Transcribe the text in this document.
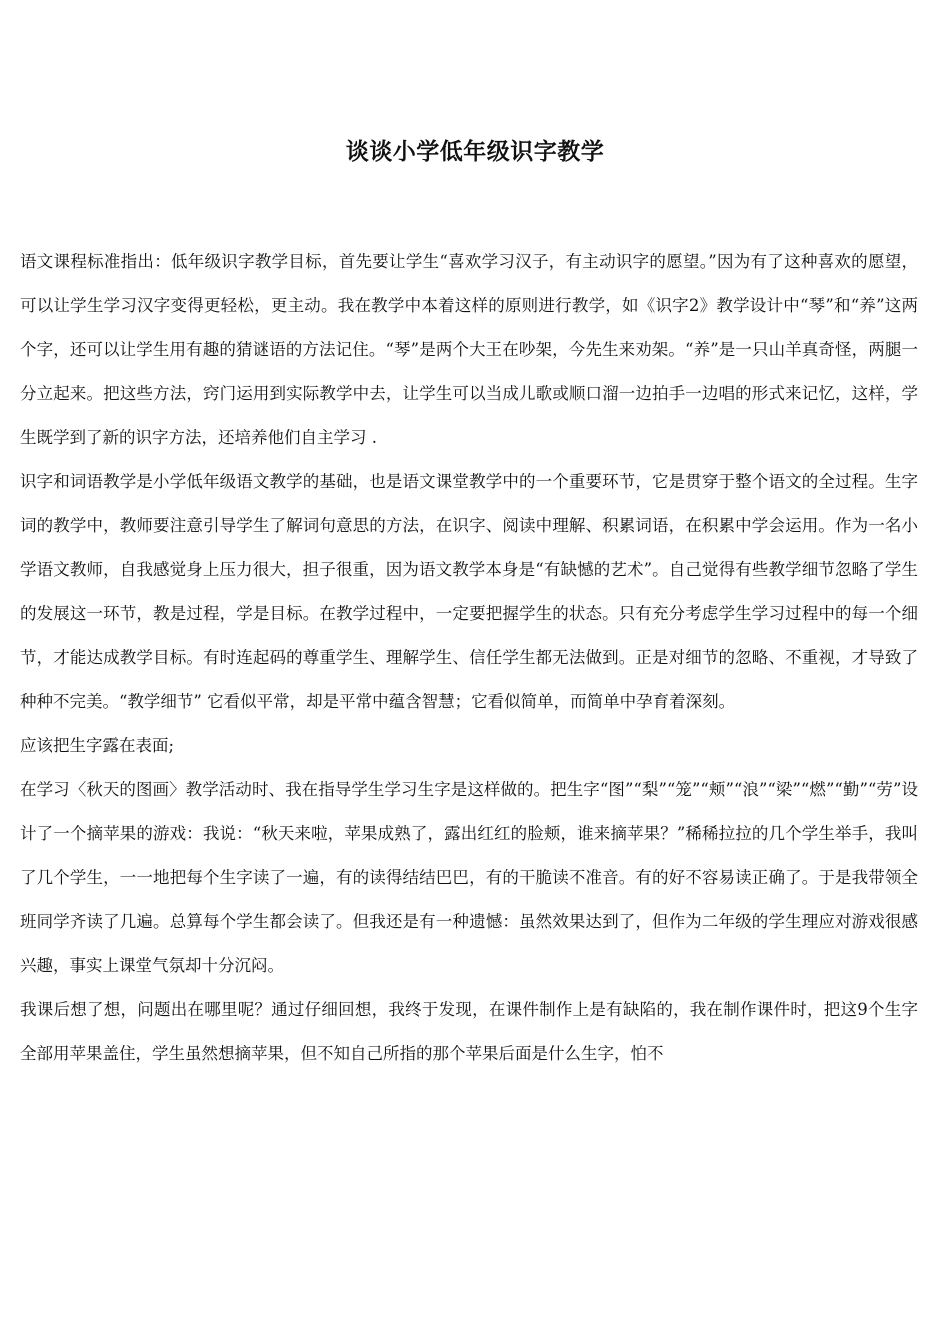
谈谈小学低年级识字教学

语文课程标准指出：低年级识字教学目标，首先要让学生“喜欢学习汉子，有主动识字的愿望。”因为有了这种喜欢的愿望，可以让学生学习汉字变得更轻松，更主动。我在教学中本着这样的原则进行教学，如《识字2》教学设计中“琴”和“养”这两个字，还可以让学生用有趣的猜谜语的方法记住。“琴”是两个大王在吵架，今先生来劝架。“养”是一只山羊真奇怪，两腿一分立起来。把这些方法，窍门运用到实际教学中去，让学生可以当成儿歌或顺口溜一边拍手一边唱的形式来记忆，这样，学生既学到了新的识字方法，还培养他们自主学习 .

识字和词语教学是小学低年级语文教学的基础，也是语文课堂教学中的一个重要环节，它是贯穿于整个语文的全过程。生字词的教学中，教师要注意引导学生了解词句意思的方法，在识字、阅读中理解、积累词语，在积累中学会运用。作为一名小学语文教师，自我感觉身上压力很大，担子很重，因为语文教学本身是“有缺憾的艺术”。自己觉得有些教学细节忽略了学生的发展这一环节，教是过程，学是目标。在教学过程中，一定要把握学生的状态。只有充分考虑学生学习过程中的每一个细节，才能达成教学目标。有时连起码的尊重学生、理解学生、信任学生都无法做到。正是对细节的忽略、不重视，才导致了种种不完美。“教学细节” 它看似平常，却是平常中蕴含智慧；它看似简单，而简单中孕育着深刻。

应该把生字露在表面;

在学习〈秋天的图画〉教学活动时、我在指导学生学习生字是这样做的。把生字“图”“梨”“笼”“颊”“浪”“梁”“燃”“勤”“劳”设计了一个摘苹果的游戏：我说：“秋天来啦，苹果成熟了，露出红红的脸颊，谁来摘苹果？”稀稀拉拉的几个学生举手，我叫了几个学生，一一地把每个生字读了一遍，有的读得结结巴巴，有的干脆读不准音。有的好不容易读正确了。于是我带领全班同学齐读了几遍。总算每个学生都会读了。但我还是有一种遗憾：虽然效果达到了，但作为二年级的学生理应对游戏很感兴趣，事实上课堂气氛却十分沉闷。

我课后想了想，问题出在哪里呢？通过仔细回想，我终于发现，在课件制作上是有缺陷的，我在制作课件时，把这9个生字全部用苹果盖住，学生虽然想摘苹果，但不知自己所指的那个苹果后面是什么生字，怕不
